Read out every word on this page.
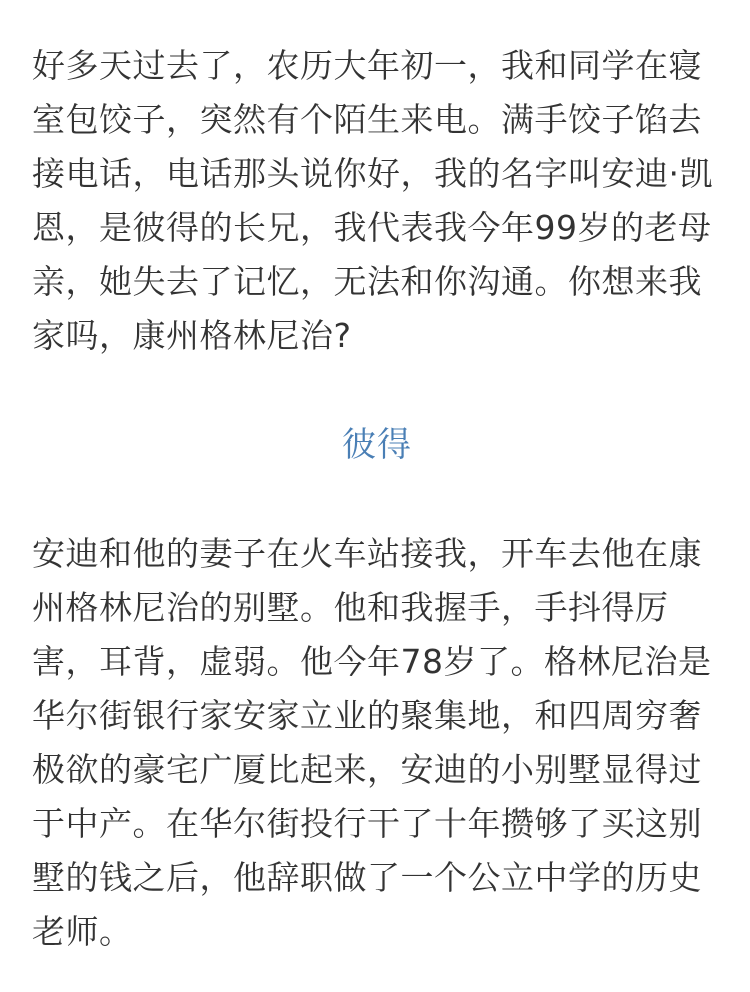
好多天过去了，农历大年初一，我和同学在寝
室包饺子，突然有个陌生来电。满手饺子馅去
接电话，电话那头说你好，我的名字叫安迪·凯
恩，是彼得的长兄，我代表我今年99岁的老母
亲，她失去了记忆，无法和你沟通。你想来我
家吗，康州格林尼治?
彼得
安迪和他的妻子在火车站接我，开车去他在康
州格林尼治的别墅。他和我握手，手抖得厉
害，耳背，虚弱。他今年78岁了。格林尼治是
华尔街银行家安家立业的聚集地，和四周穷奢
极欲的豪宅广厦比起来，安迪的小别墅显得过
于中产。在华尔街投行干了十年攒够了买这别
墅的钱之后，他辞职做了一个公立中学的历史
老师。
